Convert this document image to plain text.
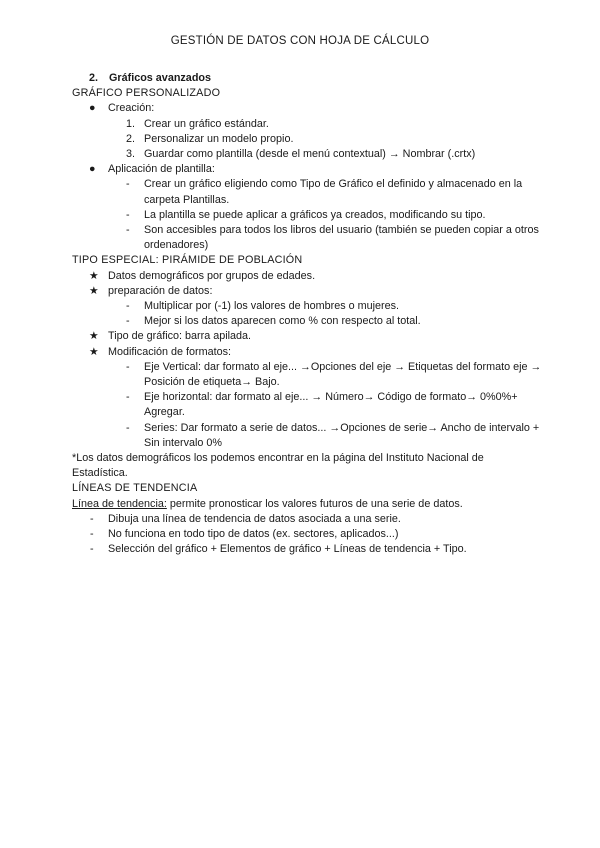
GESTIÓN DE DATOS CON HOJA DE CÁLCULO
2. Gráficos avanzados
GRÁFICO PERSONALIZADO
●	Creación:
1. Crear un gráfico estándar.
2. Personalizar un modelo propio.
3. Guardar como plantilla (desde el menú contextual) → Nombrar (.crtx)
●	Aplicación de plantilla:
- Crear un gráfico eligiendo como Tipo de Gráfico el definido y almacenado en la carpeta Plantillas.
- La plantilla se puede aplicar a gráficos ya creados, modificando su tipo.
- Son accesibles para todos los libros del usuario (también se pueden copiar a otros ordenadores)
TIPO ESPECIAL: PIRÁMIDE DE POBLACIÓN
★ Datos demográficos por grupos de edades.
★ preparación de datos:
- Multiplicar por (-1) los valores de hombres o mujeres.
- Mejor si los datos aparecen como % con respecto al total.
★ Tipo de gráfico: barra apilada.
★ Modificación de formatos:
- Eje Vertical: dar formato al eje... →Opciones del eje → Etiquetas del formato eje → Posición de etiqueta→ Bajo.
- Eje horizontal: dar formato al eje... → Número→ Código de formato→ 0%0%+ Agregar.
- Series: Dar formato a serie de datos... →Opciones de serie→ Ancho de intervalo + Sin intervalo 0%
*Los datos demográficos los podemos encontrar en la página del Instituto Nacional de Estadística.
LÍNEAS DE TENDENCIA
Línea de tendencia: permite pronosticar los valores futuros de una serie de datos.
- Dibuja una línea de tendencia de datos asociada a una serie.
- No funciona en todo tipo de datos (ex. sectores, aplicados...)
- Selección del gráfico + Elementos de gráfico + Líneas de tendencia + Tipo.
